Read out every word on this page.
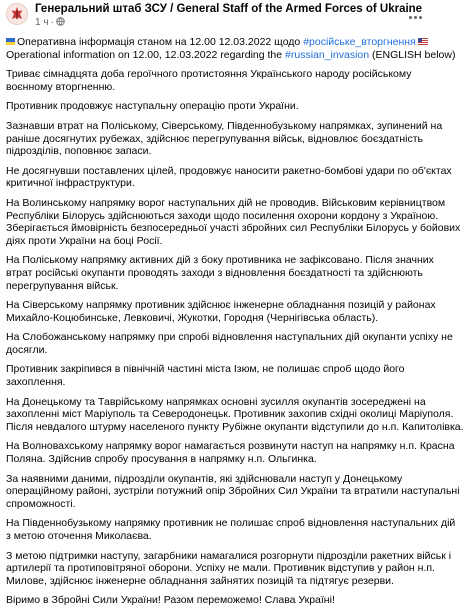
Генеральний штаб ЗСУ / General Staff of the Armed Forces of Ukraine
1 ч ·
Оперативна інформація станом на 12.00 12.03.2022 щодо #російське_вторгнення

Operational information on 12.00, 12.03.2022 regarding the #russian_invasion (ENGLISH below)

Триває сімнадцята доба героїчного протистояння Українського народу російському
воєнному вторгненню.

Противник продовжує наступальну операцію проти України.

Зазнавши втрат на Поліському, Сіверському, Південнобузькому напрямках, зупинений на
раніше досягнутих рубежах, здійснює перегрупування військ, відновлює боєздатність
підрозділів, поповнює запаси.

Не досягнувши поставлених цілей, продовжує наносити ракетно-бомбові удари по об'єктах
критичної інфраструктури.

На Волинському напрямку ворог наступальних дій не проводив. Військовим керівництвом
Республіки Білорусь здійснюються заходи щодо посилення охорони кордону з Україною.
Зберігається ймовірність безпосередньої участі збройних сил Республіки Білорусь у бойових
діях проти України на боці Росії.

На Поліському напрямку активних дій з боку противника не зафіксовано. Після значних
втрат російські окупанти проводять заходи з відновлення боєздатності та здійснюють
перегрупування військ.

На Сіверському напрямку противник здійснює інженерне обладнання позицій у районах
Михайло-Коцюбинське, Левковичі, Жукотки, Городня (Чернігівська область).

На Слобожанському напрямку при спробі відновлення наступальних дій окупанти успіху не
досягли.

Противник закріпився в північній частині міста Ізюм, не полишає спроб щодо його
захоплення.

На Донецькому та Таврійському напрямках основні зусилля окупантів зосереджені на
захопленні міст Маріуполь та Северодонецьк. Противник захопив східні околиці Маріуполя.
Після невдалого штурму населеного пункту Рубіжне окупанти відступили до н.п. Капитолівка.

На Волновахському напрямку ворог намагається розвинути наступ на напрямку н.п. Красна
Поляна. Здійснив спробу просування в напрямку н.п. Ольгинка.

За наявними даними, підрозділи окупантів, які здійснювали наступ у Донецькому
операційному районі, зустріли потужний опір Збройних Сил України та втратили наступальні
спроможності.

На Південнобузькому напрямку противник не полишає спроб відновлення наступальних дій
з метою оточення Миколаєва.

З метою підтримки наступу, загарбники намагалися розгорнути підрозділи ракетних військ і
артилерії та протиповітряної оборони. Успіху не мали. Противник відступив у район н.п.
Милове, здійснює інженерне обладнання зайнятих позицій та підтягує резерви.

Віримо в Збройні Сили України! Разом переможемо! Слава Україні!
